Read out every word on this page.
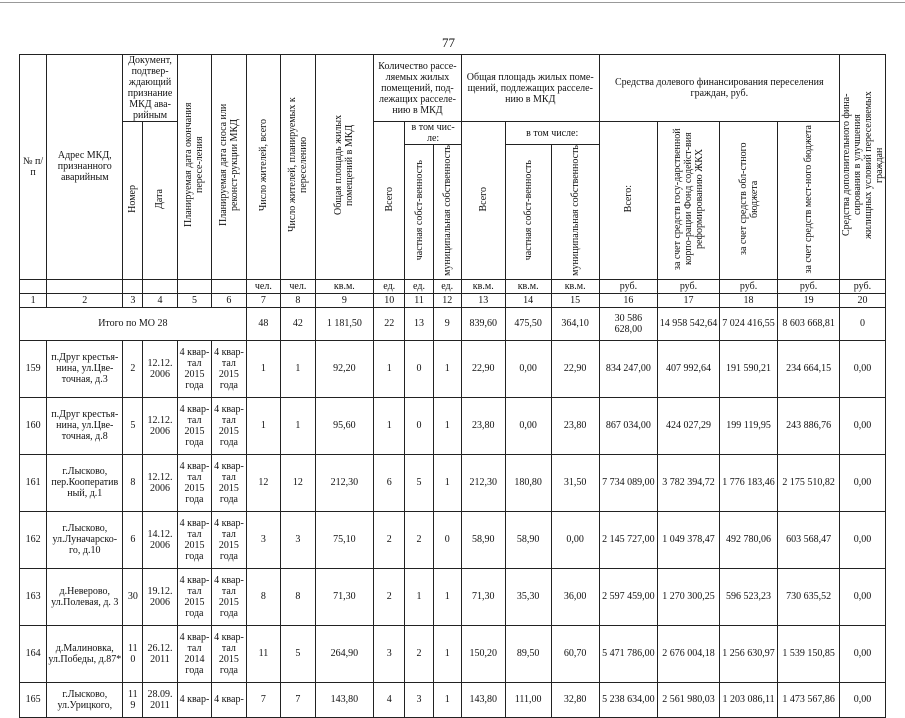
77
№ п/п	Адрес МКД, признанного аварийным	Документ, подтвер-ждающий признание МКД ава-рийным		Планируемая дата окончания пересе-ления	Планируемая дата сноса или реконст-рукции МКД	Число жителей, всего	Число жителей, планируемых к переселению	Общая площадь жилых помещений в МКД	Количество рассе-ляемых жилых помещений, под-лежащих расселе-нию в МКД			Общая площадь жилых поме-щений, подлежащих расселе-нию в МКД			Средства долевого финансирования переселения граждан, руб.				Средства дополнительного фина-сирования в улучшения жилищных условий переселяемых граждан
		Номер	Дата						Всего	в том чис-ле:		Всего	в том числе:		Всего:	за счет средств госу-дарственной корпо-рации Фонд содейст-вия реформированию ЖКХ	за счет средств обл-стного бюджета	за счет средств мест-ного бюджета	
										частная собст-венность	муниципальная собственность		частная собст-венность	муниципальная собственность					
						чел.	чел.	кв.м.	ед.	ед.	ед.	кв.м.	кв.м.	кв.м.	руб.	руб.	руб.	руб.	руб.
1	2	3	4	5	6	7	8	9	10	11	12	13	14	15	16	17	18	19	20
Итого по МО 28						48	42	1 181,50	22	13	9	839,60	475,50	364,10	30 586 628,00	14 958 542,64	7 024 416,55	8 603 668,81	0
159	п.Друг крестья-нина, ул.Цве-точная, д.3	2	12.12. 2006	4 квар-тал 2015 года	4 квар-тал 2015 года	1	1	92,20	1	0	1	22,90	0,00	22,90	834 247,00	407 992,64	191 590,21	234 664,15	0,00
160	п.Друг крестья-нина, ул.Цве-точная, д.8	5	12.12. 2006	4 квар-тал 2015 года	4 квар-тал 2015 года	1	1	95,60	1	0	1	23,80	0,00	23,80	867 034,00	424 027,29	199 119,95	243 886,76	0,00
161	г.Лысково, пер.Кооператив ный, д.1	8	12.12. 2006	4 квар-тал 2015 года	4 квар-тал 2015 года	12	12	212,30	6	5	1	212,30	180,80	31,50	7 734 089,00	3 782 394,72	1 776 183,46	2 175 510,82	0,00
162	г.Лысково, ул.Луначарско-го, д.10	6	14.12. 2006	4 квар-тал 2015 года	4 квар-тал 2015 года	3	3	75,10	2	2	0	58,90	58,90	0,00	2 145 727,00	1 049 378,47	492 780,06	603 568,47	0,00
163	д.Неверово, ул.Полевая, д. 3	30	19.12. 2006	4 квар-тал 2015 года	4 квар-тал 2015 года	8	8	71,30	2	1	1	71,30	35,30	36,00	2 597 459,00	1 270 300,25	596 523,23	730 635,52	0,00
164	д.Малиновка, ул.Победы, д.87*	11 0	26.12. 2011	4 квар-тал 2014 года	4 квар-тал 2015 года	11	5	264,90	3	2	1	150,20	89,50	60,70	5 471 786,00	2 676 004,18	1 256 630,97	1 539 150,85	0,00
165	г.Лысково, ул.Урицкого,	11 9	28.09. 2011	4 квар-	4 квар-	7	7	143,80	4	3	1	143,80	111,00	32,80	5 238 634,00	2 561 980,03	1 203 086,11	1 473 567,86	0,00
